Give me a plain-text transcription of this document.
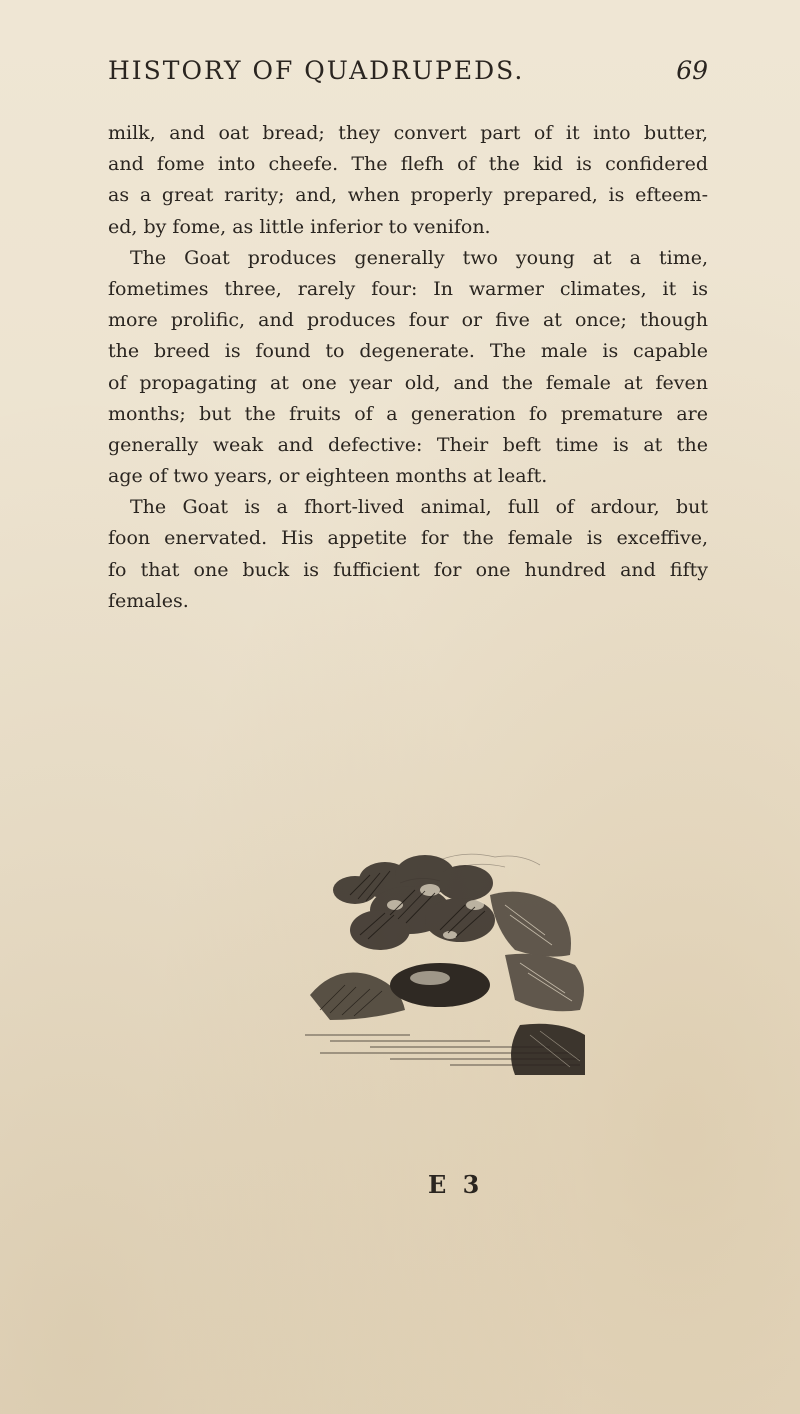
HISTORY OF QUADRUPEDS.	69
milk, and oat bread; they convert part of it into butter,
and fome into cheefe. The flefh of the kid is confidered
as a great rarity; and, when properly prepared, is efteem-
ed, by fome, as little inferior to venifon.
The Goat produces generally two young at a time,
fometimes three, rarely four: In warmer climates, it is
more prolific, and produces four or five at once; though
the breed is found to degenerate. The male is capable
of propagating at one year old, and the female at feven
months; but the fruits of a generation fo premature are
generally weak and defective: Their beft time is at the
age of two years, or eighteen months at leaft.
The Goat is a fhort-lived animal, full of ardour, but
foon enervated. His appetite for the female is exceffive,
fo that one buck is fufficient for one hundred and fifty
females.
E 3
